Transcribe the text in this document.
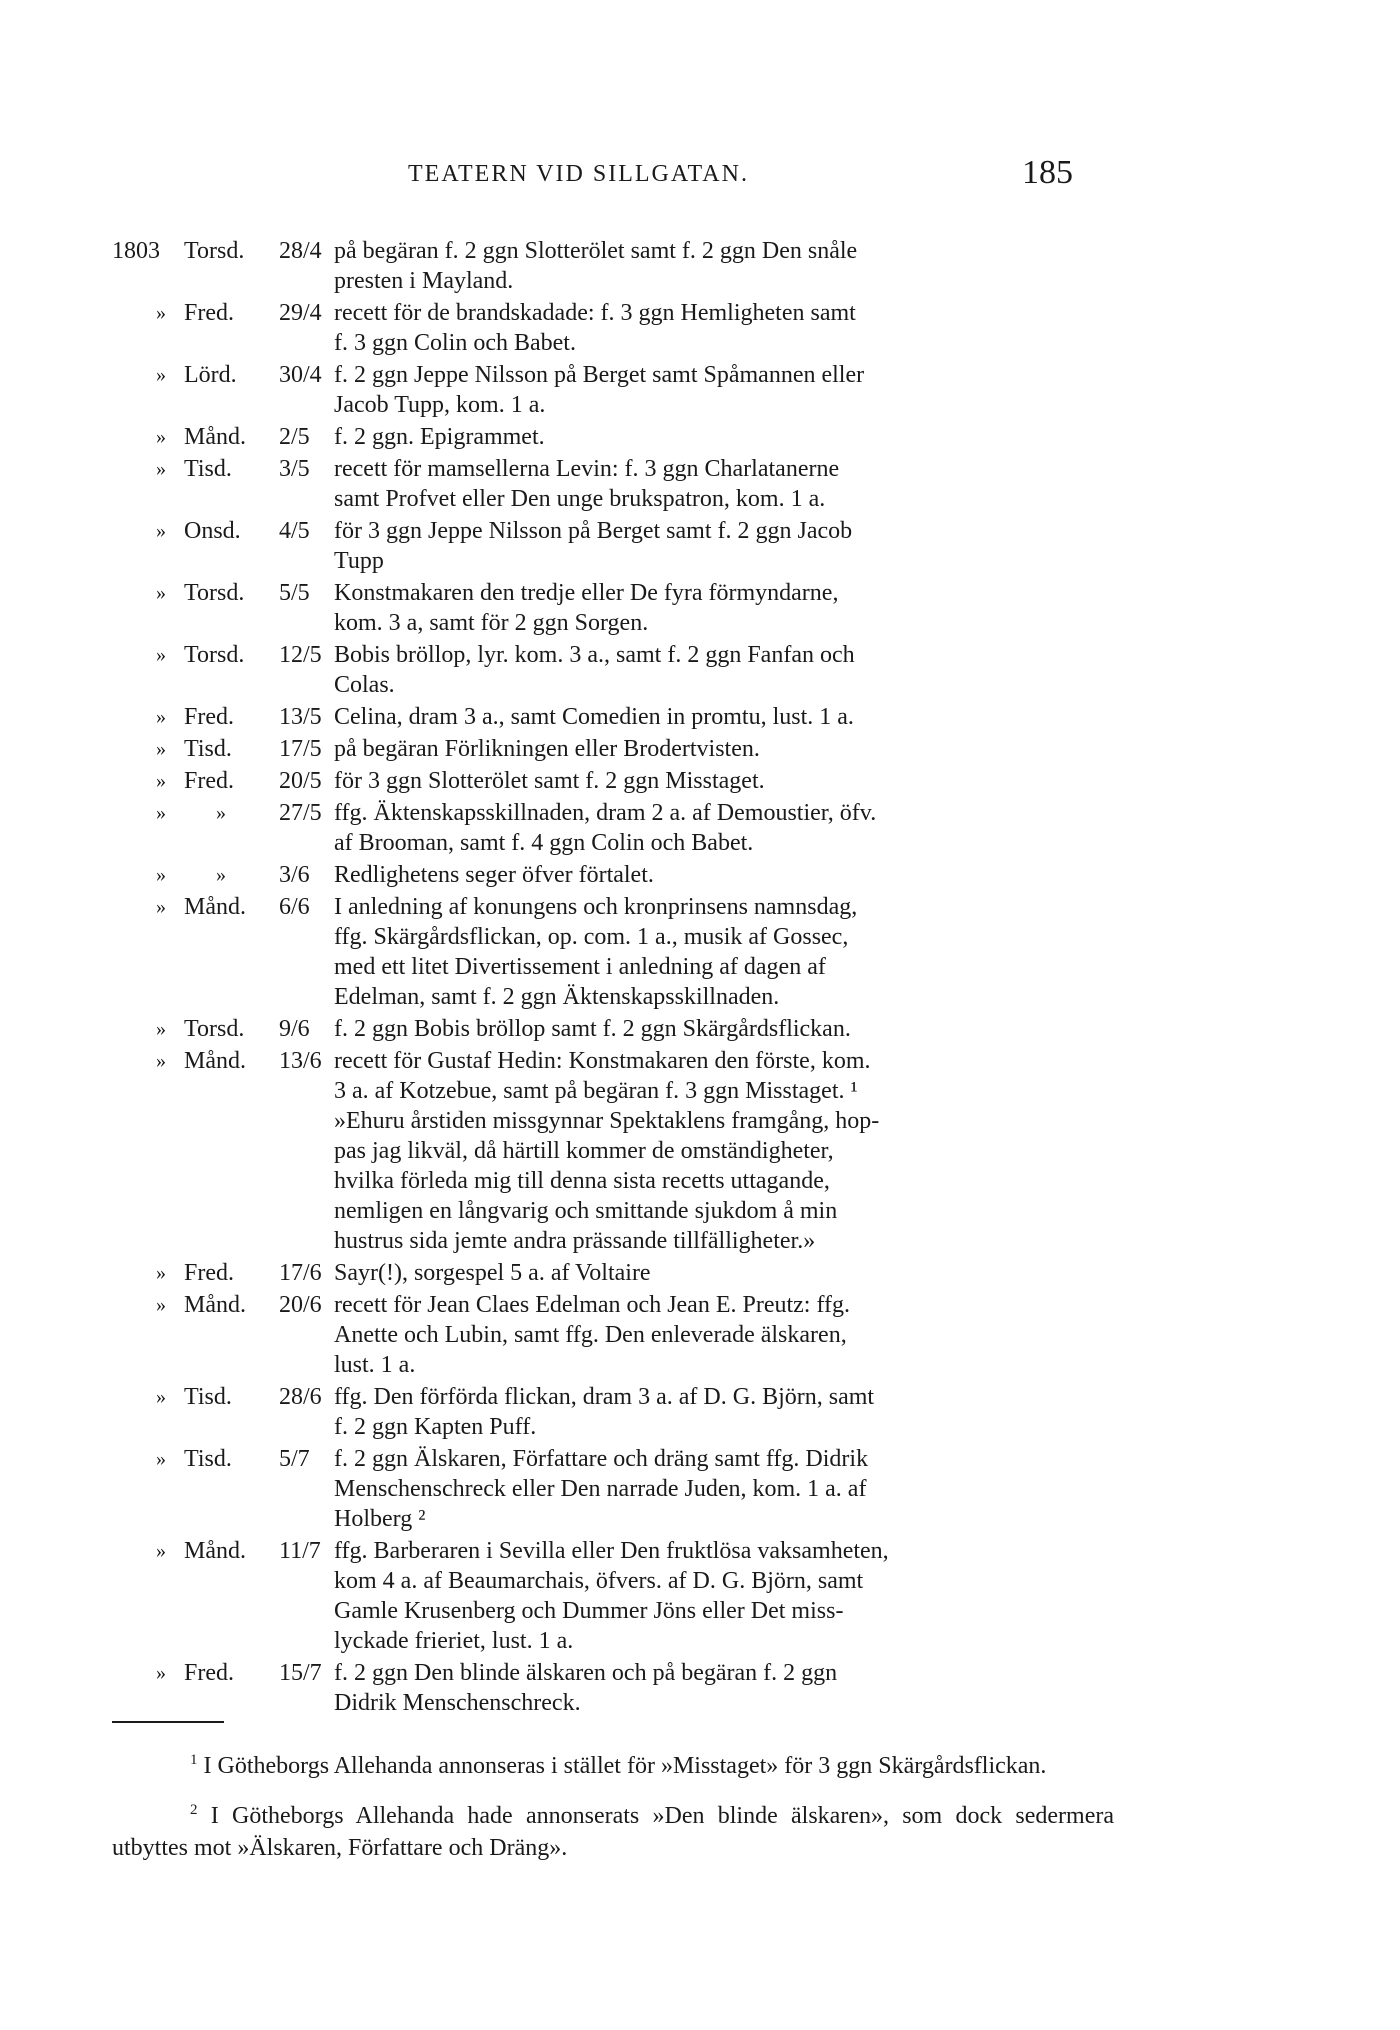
TEATERN VID SILLGATAN.	185
1803 Torsd. 28/4 på begäran f. 2 ggn Slotterölet samt f. 2 ggn Den snåle
presten i Mayland.
» Fred. 29/4 recett för de brandskadade: f. 3 ggn Hemligheten samt
f. 3 ggn Colin och Babet.
» Lörd. 30/4 f. 2 ggn Jeppe Nilsson på Berget samt Spåmannen eller
Jacob Tupp, kom. 1 a.
» Månd. 2/5 f. 2 ggn. Epigrammet.
» Tisd. 3/5 recett för mamsellerna Levin: f. 3 ggn Charlatanerne
samt Profvet eller Den unge brukspatron, kom. 1 a.
» Onsd. 4/5 för 3 ggn Jeppe Nilsson på Berget samt f. 2 ggn Jacob
Tupp
» Torsd. 5/5 Konstmakaren den tredje eller De fyra förmyndarne,
kom. 3 a, samt för 2 ggn Sorgen.
» Torsd. 12/5 Bobis bröllop, lyr. kom. 3 a., samt f. 2 ggn Fanfan och
Colas.
» Fred. 13/5 Celina, dram 3 a., samt Comedien in promtu, lust. 1 a.
» Tisd. 17/5 på begäran Förlikningen eller Brodertvisten.
» Fred. 20/5 för 3 ggn Slotterölet samt f. 2 ggn Misstaget.
»	» 27/5 ffg. Äktenskapsskillnaden, dram 2 a. af Demoustier, öfv.
af Brooman, samt f. 4 ggn Colin och Babet.
»	» 3/6 Redlighetens seger öfver förtalet.
» Månd. 6/6 I anledning af konungens och kronprinsens namnsdag,
ffg. Skärgårdsflickan, op. com. 1 a., musik af Gossec,
med ett litet Divertissement i anledning af dagen af
Edelman, samt f. 2 ggn Äktenskapsskillnaden.
» Torsd. 9/6 f. 2 ggn Bobis bröllop samt f. 2 ggn Skärgårdsflickan.
» Månd. 13/6 recett för Gustaf Hedin: Konstmakaren den förste, kom.
3 a. af Kotzebue, samt på begäran f. 3 ggn Misstaget. ¹
»Ehuru årstiden missgynnar Spektaklens framgång, hop-
pas jag likväl, då härtill kommer de omständigheter,
hvilka förleda mig till denna sista recetts uttagande,
nemligen en långvarig och smittande sjukdom å min
hustrus sida jemte andra prässande tillfälligheter.»
» Fred. 17/6 Sayr(!), sorgespel 5 a. af Voltaire
» Månd. 20/6 recett för Jean Claes Edelman och Jean E. Preutz: ffg.
Anette och Lubin, samt ffg. Den enleverade älskaren,
lust. 1 a.
» Tisd. 28/6 ffg. Den förförda flickan, dram 3 a. af D. G. Björn, samt
f. 2 ggn Kapten Puff.
» Tisd. 5/7 f. 2 ggn Älskaren, Författare och dräng samt ffg. Didrik
Menschenschreck eller Den narrade Juden, kom. 1 a. af
Holberg ²
» Månd. 11/7 ffg. Barberaren i Sevilla eller Den fruktlösa vaksamheten,
kom 4 a. af Beaumarchais, öfvers. af D. G. Björn, samt
Gamle Krusenberg och Dummer Jöns eller Det miss-
lyckade frieriet, lust. 1 a.
» Fred. 15/7 f. 2 ggn Den blinde älskaren och på begäran f. 2 ggn
Didrik Menschenschreck.
$^1$ I Götheborgs Allehanda annonseras i stället för »Misstaget» för 3 ggn Skärgårdsflickan.
$^2$ I Götheborgs Allehanda hade annonserats »Den blinde älskaren», som dock sedermera utbyttes mot »Älskaren, Författare och Dräng».
